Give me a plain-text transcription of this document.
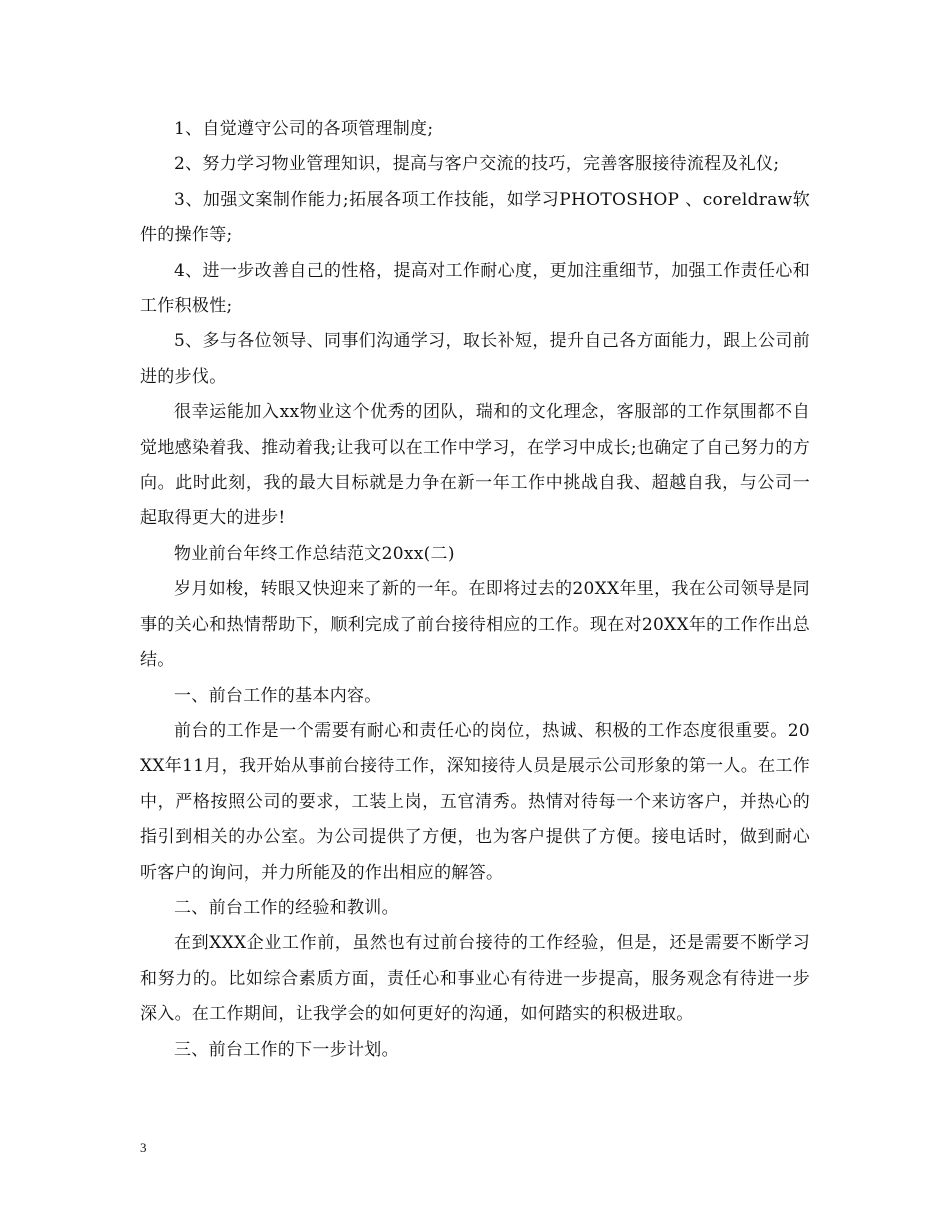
1、自觉遵守公司的各项管理制度;

2、努力学习物业管理知识，提高与客户交流的技巧，完善客服接待流程及礼仪;

3、加强文案制作能力;拓展各项工作技能，如学习PHOTOSHOP 、coreldraw软件的操作等;

4、进一步改善自己的性格，提高对工作耐心度，更加注重细节，加强工作责任心和工作积极性;

5、多与各位领导、同事们沟通学习，取长补短，提升自己各方面能力，跟上公司前进的步伐。

很幸运能加入xx物业这个优秀的团队，瑞和的文化理念，客服部的工作氛围都不自觉地感染着我、推动着我;让我可以在工作中学习，在学习中成长;也确定了自己努力的方向。此时此刻，我的最大目标就是力争在新一年工作中挑战自我、超越自我，与公司一起取得更大的进步!

物业前台年终工作总结范文20xx(二)

岁月如梭，转眼又快迎来了新的一年。在即将过去的20XX年里，我在公司领导是同事的关心和热情帮助下，顺利完成了前台接待相应的工作。现在对20XX年的工作作出总结。

一、前台工作的基本内容。

前台的工作是一个需要有耐心和责任心的岗位，热诚、积极的工作态度很重要。20XX年11月，我开始从事前台接待工作，深知接待人员是展示公司形象的第一人。在工作中，严格按照公司的要求，工装上岗，五官清秀。热情对待每一个来访客户，并热心的指引到相关的办公室。为公司提供了方便，也为客户提供了方便。接电话时，做到耐心听客户的询问，并力所能及的作出相应的解答。

二、前台工作的经验和教训。

在到XXX企业工作前，虽然也有过前台接待的工作经验，但是，还是需要不断学习和努力的。比如综合素质方面，责任心和事业心有待进一步提高，服务观念有待进一步深入。在工作期间，让我学会的如何更好的沟通，如何踏实的积极进取。

三、前台工作的下一步计划。

3
